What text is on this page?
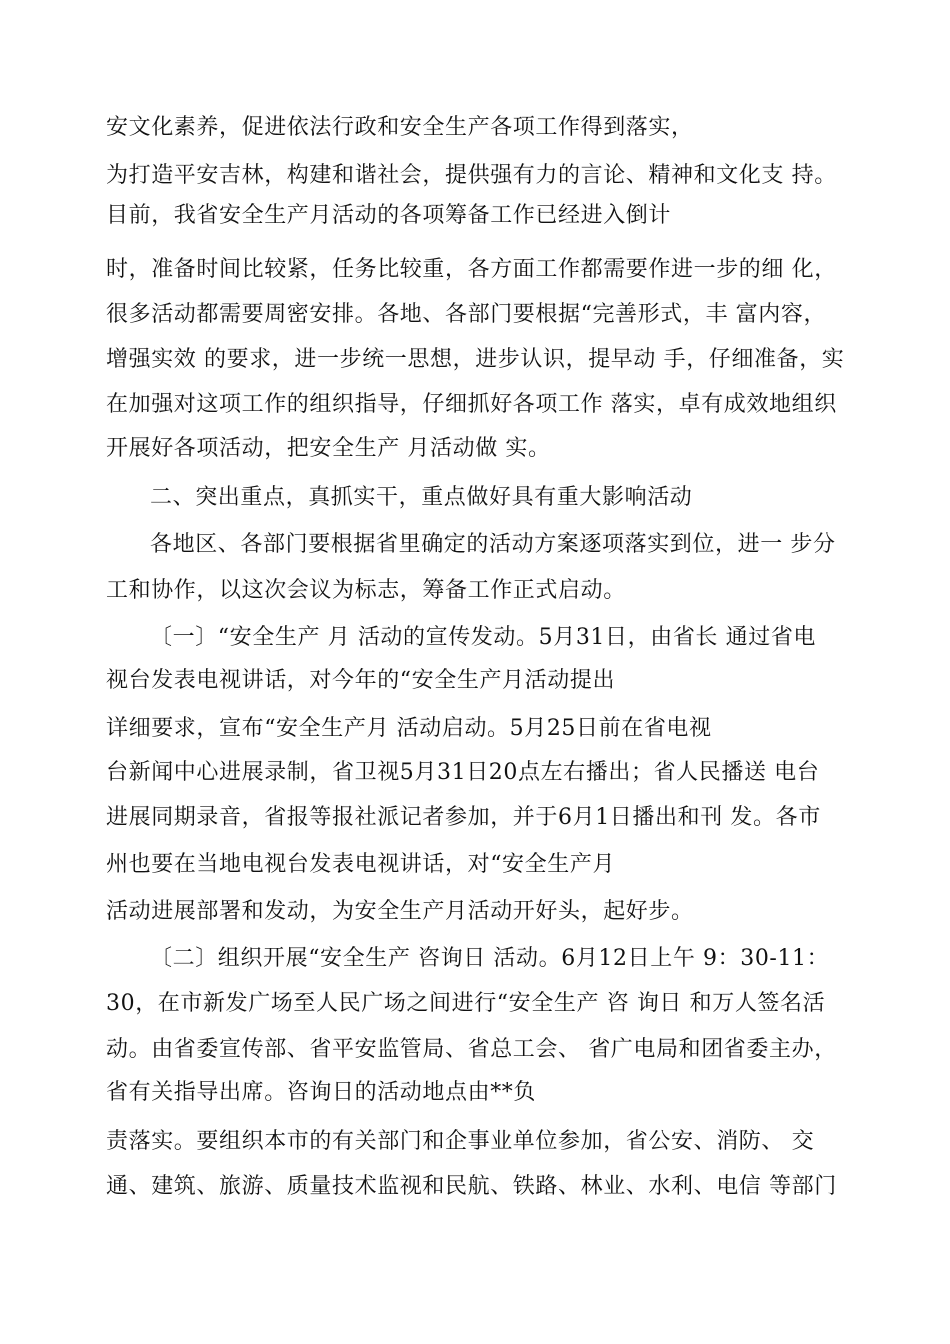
安文化素养，促进依法行政和安全生产各项工作得到落实，
为打造平安吉林，构建和谐社会，提供强有力的言论、精神和文化支 持。
目前，我省安全生产月活动的各项筹备工作已经进入倒计
时，准备时间比较紧，任务比较重，各方面工作都需要作进一步的细 化，
很多活动都需要周密安排。各地、各部门要根据“完善形式，丰 富内容，
增强实效 的要求，进一步统一思想，进步认识，提早动 手，仔细准备，实
在加强对这项工作的组织指导，仔细抓好各项工作 落实，卓有成效地组织
开展好各项活动，把安全生产 月活动做 实。
二、突出重点，真抓实干，重点做好具有重大影响活动
各地区、各部门要根据省里确定的活动方案逐项落实到位，进一 步分
工和协作，以这次会议为标志，筹备工作正式启动。
〔一〕“安全生产 月 活动的宣传发动。5月31日，由省长 通过省电
视台发表电视讲话，对今年的“安全生产月活动提出
详细要求，宣布“安全生产月 活动启动。5月25日前在省电视
台新闻中心进展录制，省卫视5月31日20点左右播出；省人民播送 电台
进展同期录音，省报等报社派记者参加，并于6月1日播出和刊 发。各市
州也要在当地电视台发表电视讲话，对“安全生产月
活动进展部署和发动，为安全生产月活动开好头，起好步。
〔二〕组织开展“安全生产 咨询日 活动。6月12日上午 9：30-11：
30，在市新发广场至人民广场之间进行“安全生产 咨 询日 和万人签名活
动。由省委宣传部、省平安监管局、省总工会、 省广电局和团省委主办，
省有关指导出席。咨询日的活动地点由**负
责落实。要组织本市的有关部门和企事业单位参加，省公安、消防、 交
通、建筑、旅游、质量技术监视和民航、铁路、林业、水利、电信 等部门
